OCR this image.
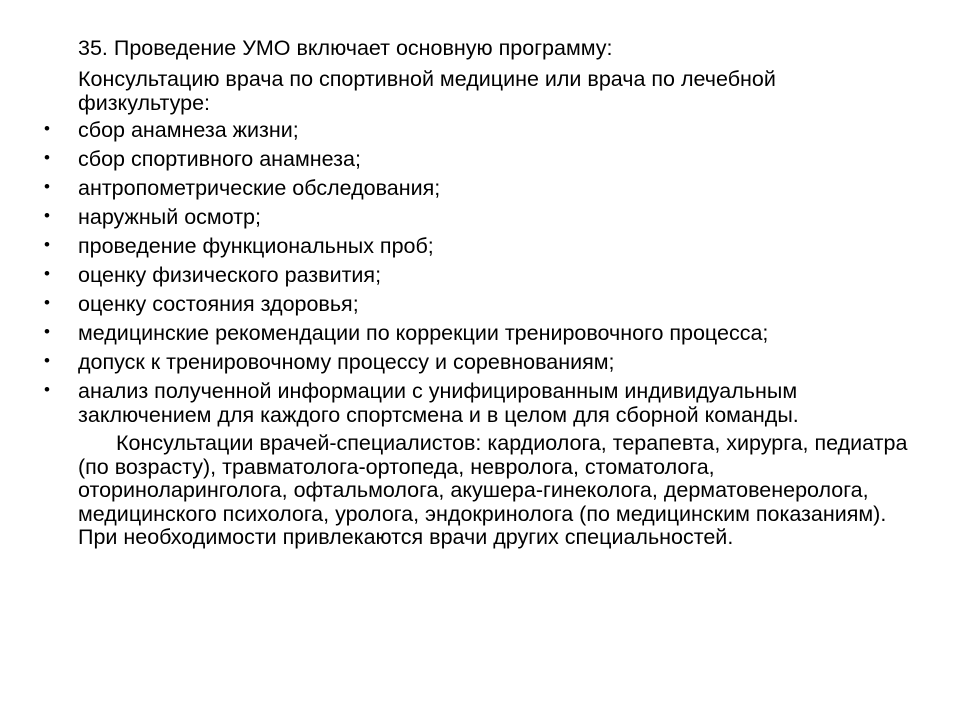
35. Проведение УМО включает основную программу:

Консультацию врача по спортивной медицине или врача по лечебной физкультуре:

• сбор анамнеза жизни;
• сбор спортивного анамнеза;
• антропометрические обследования;
• наружный осмотр;
• проведение функциональных проб;
• оценку физического развития;
• оценку состояния здоровья;
• медицинские рекомендации по коррекции тренировочного процесса;
• допуск к тренировочному процессу и соревнованиям;
• анализ полученной информации с унифицированным индивидуальным заключением для каждого спортсмена и в целом для сборной команды.

Консультации врачей-специалистов: кардиолога, терапевта, хирурга, педиатра (по возрасту), травматолога-ортопеда, невролога, стоматолога, оториноларинголога, офтальмолога, акушера-гинеколога, дерматовенеролога, медицинского психолога, уролога, эндокринолога (по медицинским показаниям). При необходимости привлекаются врачи других специальностей.
